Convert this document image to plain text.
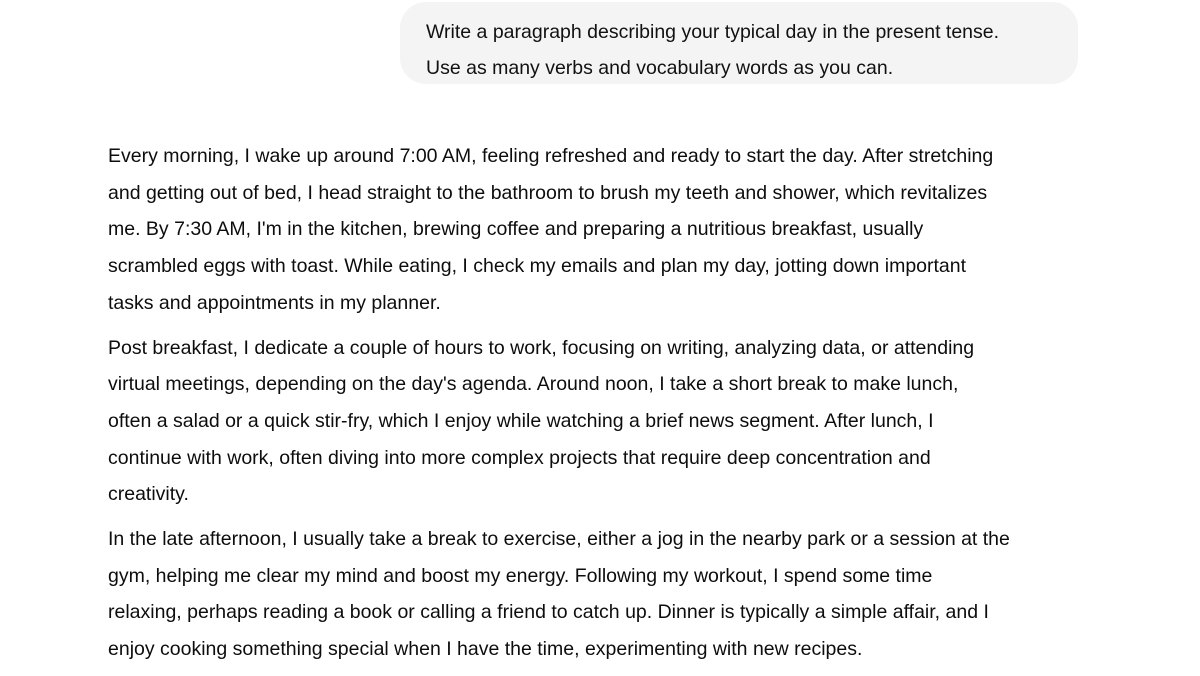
Write a paragraph describing your typical day in the present tense.
Use as many verbs and vocabulary words as you can.

Every morning, I wake up around 7:00 AM, feeling refreshed and ready to start the day. After stretching
and getting out of bed, I head straight to the bathroom to brush my teeth and shower, which revitalizes
me. By 7:30 AM, I'm in the kitchen, brewing coffee and preparing a nutritious breakfast, usually
scrambled eggs with toast. While eating, I check my emails and plan my day, jotting down important
tasks and appointments in my planner.

Post breakfast, I dedicate a couple of hours to work, focusing on writing, analyzing data, or attending
virtual meetings, depending on the day's agenda. Around noon, I take a short break to make lunch,
often a salad or a quick stir-fry, which I enjoy while watching a brief news segment. After lunch, I
continue with work, often diving into more complex projects that require deep concentration and
creativity.

In the late afternoon, I usually take a break to exercise, either a jog in the nearby park or a session at the
gym, helping me clear my mind and boost my energy. Following my workout, I spend some time
relaxing, perhaps reading a book or calling a friend to catch up. Dinner is typically a simple affair, and I
enjoy cooking something special when I have the time, experimenting with new recipes.
